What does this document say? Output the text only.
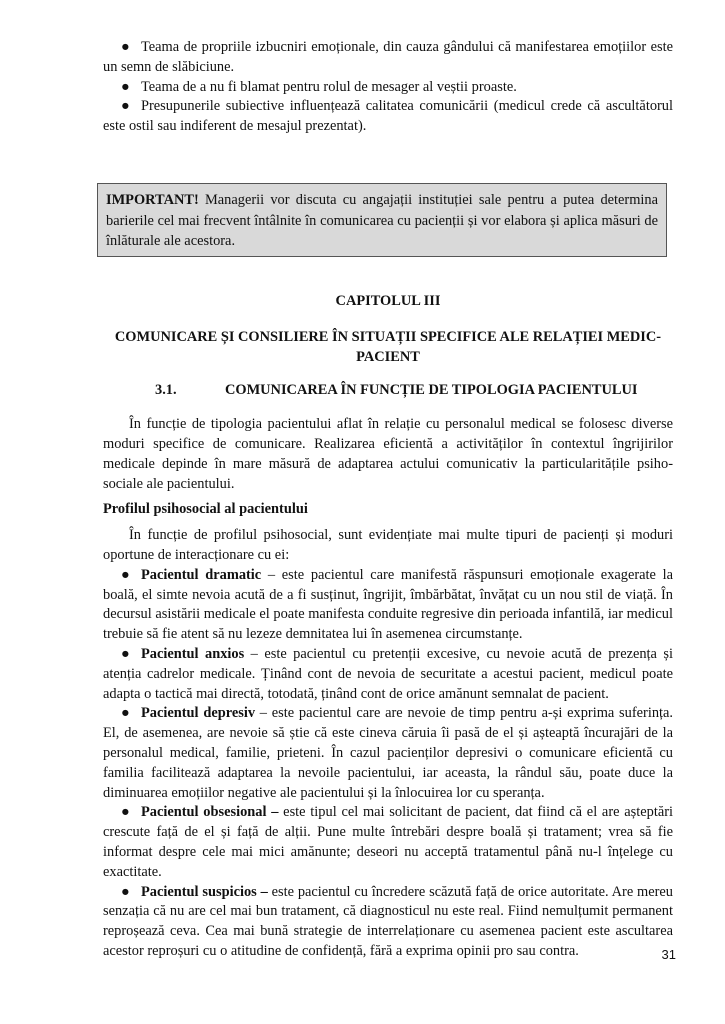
● Teama de propriile izbucniri emoționale, din cauza gândului că manifestarea emoțiilor este un semn de slăbiciune.

● Teama de a nu fi blamat pentru rolul de mesager al veștii proaste.

● Presupunerile subiective influențează calitatea comunicării (medicul crede că ascultătorul este ostil sau indiferent de mesajul prezentat).

IMPORTANT! Managerii vor discuta cu angajații instituției sale pentru a putea determina barierile cel mai frecvent întâlnite în comunicarea cu pacienții și vor elabora și aplica măsuri de înlăturale ale acestora.

CAPITOLUL III

COMUNICARE ȘI CONSILIERE ÎN SITUAȚII SPECIFICE ALE RELAȚIEI MEDIC-PACIENT

3.1.	COMUNICAREA ÎN FUNCȚIE DE TIPOLOGIA PACIENTULUI

În funcție de tipologia pacientului aflat în relație cu personalul medical se folosesc diverse moduri specifice de comunicare. Realizarea eficientă a activităților în contextul îngrijirilor medicale depinde în mare măsură de adaptarea actului comunicativ la particularitățile psiho-sociale ale pacientului.

Profilul psihosocial al pacientului

În funcție de profilul psihosocial, sunt evidențiate mai multe tipuri de pacienți și moduri oportune de interacționare cu ei:

● Pacientul dramatic – este pacientul care manifestă răspunsuri emoționale exagerate la boală, el simte nevoia acută de a fi susținut, îngrijit, îmbărbătat, învățat cu un nou stil de viață. În decursul asistării medicale el poate manifesta conduite regresive din perioada infantilă, iar medicul trebuie să fie atent să nu lezeze demnitatea lui în asemenea circumstanțe.

● Pacientul anxios – este pacientul cu pretenții excesive, cu nevoie acută de prezența și atenția cadrelor medicale. Ținând cont de nevoia de securitate a acestui pacient, medicul poate adapta o tactică mai directă, totodată, ținând cont de orice amănunt semnalat de pacient.

● Pacientul depresiv – este pacientul care are nevoie de timp pentru a-și exprima suferința. El, de asemenea, are nevoie să știe că este cineva căruia îi pasă de el și așteaptă încurajări de la personalul medical, familie, prieteni. În cazul pacienților depresivi o comunicare eficientă cu familia facilitează adaptarea la nevoile pacientului, iar aceasta, la rândul său, poate duce la diminuarea emoțiilor negative ale pacientului și la înlocuirea lor cu speranța.

● Pacientul obsesional – este tipul cel mai solicitant de pacient, dat fiind că el are așteptări crescute față de el și față de alții. Pune multe întrebări despre boală și tratament; vrea să fie informat despre cele mai mici amănunte; deseori nu acceptă tratamentul până nu-l înțelege cu exactitate.

● Pacientul suspicios – este pacientul cu încredere scăzută față de orice autoritate. Are mereu senzația că nu are cel mai bun tratament, că diagnosticul nu este real. Fiind nemulțumit permanent reproșează ceva. Cea mai bună strategie de interrelaționare cu asemenea pacient este ascultarea acestor reproșuri cu o atitudine de confidență, fără a exprima opinii pro sau contra.	31
